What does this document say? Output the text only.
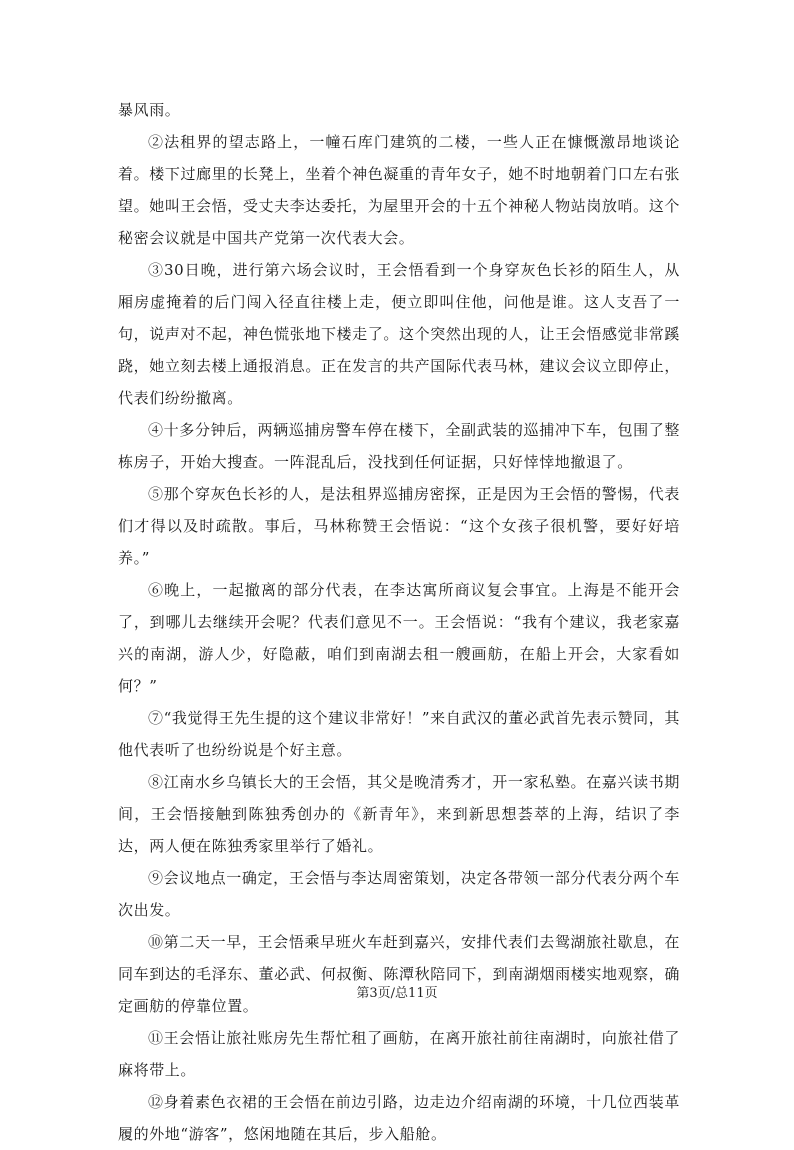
暴风雨。

②法租界的望志路上，一幢石库门建筑的二楼，一些人正在慷慨激昂地谈论着。楼下过廊里的长凳上，坐着个神色凝重的青年女子，她不时地朝着门口左右张望。她叫王会悟，受丈夫李达委托，为屋里开会的十五个神秘人物站岗放哨。这个秘密会议就是中国共产党第一次代表大会。

③30日晚，进行第六场会议时，王会悟看到一个身穿灰色长衫的陌生人，从厢房虚掩着的后门闯入径直往楼上走，便立即叫住他，问他是谁。这人支吾了一句，说声对不起，神色慌张地下楼走了。这个突然出现的人，让王会悟感觉非常蹊跷，她立刻去楼上通报消息。正在发言的共产国际代表马林，建议会议立即停止，代表们纷纷撤离。

④十多分钟后，两辆巡捕房警车停在楼下，全副武装的巡捕冲下车，包围了整栋房子，开始大搜查。一阵混乱后，没找到任何证据，只好悻悻地撤退了。

⑤那个穿灰色长衫的人，是法租界巡捕房密探，正是因为王会悟的警惕，代表们才得以及时疏散。事后，马林称赞王会悟说：“这个女孩子很机警，要好好培养。”

⑥晚上，一起撤离的部分代表，在李达寓所商议复会事宜。上海是不能开会了，到哪儿去继续开会呢？代表们意见不一。王会悟说：“我有个建议，我老家嘉兴的南湖，游人少，好隐蔽，咱们到南湖去租一艘画舫，在船上开会，大家看如何？”

⑦“我觉得王先生提的这个建议非常好！”来自武汉的董必武首先表示赞同，其他代表听了也纷纷说是个好主意。

⑧江南水乡乌镇长大的王会悟，其父是晚清秀才，开一家私塾。在嘉兴读书期间，王会悟接触到陈独秀创办的《新青年》，来到新思想荟萃的上海，结识了李达，两人便在陈独秀家里举行了婚礼。

⑨会议地点一确定，王会悟与李达周密策划，决定各带领一部分代表分两个车次出发。

⑩第二天一早，王会悟乘早班火车赶到嘉兴，安排代表们去鸳湖旅社歇息，在同车到达的毛泽东、董必武、何叔衡、陈潭秋陪同下，到南湖烟雨楼实地观察，确定画舫的停靠位置。

⑪王会悟让旅社账房先生帮忙租了画舫，在离开旅社前往南湖时，向旅社借了麻将带上。

⑫身着素色衣裙的王会悟在前边引路，边走边介绍南湖的环境，十几位西装革履的外地“游客”，悠闲地随在其后，步入船舱。

第3页/总11页
